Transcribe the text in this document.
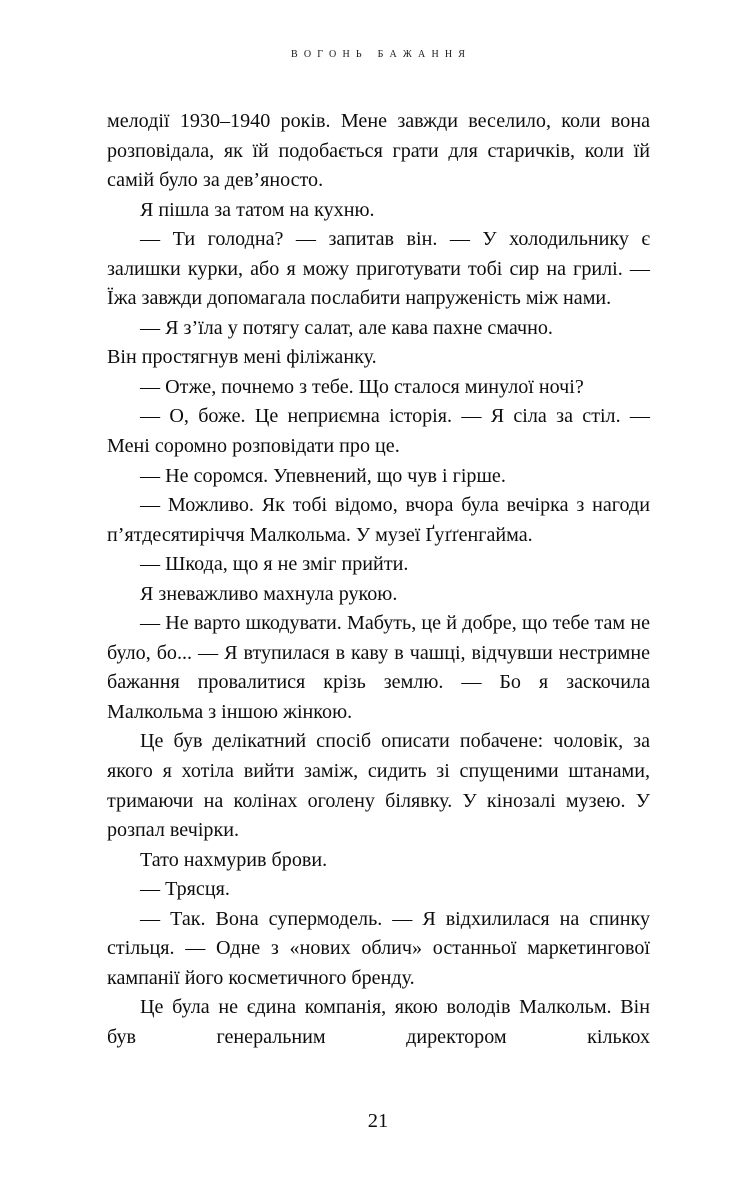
вогонь бажання

мелодії 1930–1940 років. Мене завжди веселило, коли вона розповідала, як їй подобається грати для старичків, коли їй самій було за дев’яносто.

Я пішла за татом на кухню.

— Ти голодна? — запитав він. — У холодильнику є залишки курки, або я можу приготувати тобі сир на грилі. — Їжа завжди допомагала послабити напруженість між нами.

— Я з’їла у потягу салат, але кава пахне смачно.

Він простягнув мені філіжанку.

— Отже, почнемо з тебе. Що сталося минулої ночі?

— О, боже. Це неприємна історія. — Я сіла за стіл. — Мені соромно розповідати про це.

— Не соромся. Упевнений, що чув і гірше.

— Можливо. Як тобі відомо, вчора була вечірка з нагоди п’ятдесятиріччя Малкольма. У музеї Ґуґґенгайма.

— Шкода, що я не зміг прийти.

Я зневажливо махнула рукою.

— Не варто шкодувати. Мабуть, це й добре, що тебе там не було, бо... — Я втупилася в каву в чашці, відчувши нестримне бажання провалитися крізь землю. — Бо я заскочила Малкольма з іншою жінкою.

Це був делікатний спосіб описати побачене: чоловік, за якого я хотіла вийти заміж, сидить зі спущеними штанами, тримаючи на колінах оголену білявку. У кінозалі музею. У розпал вечірки.

Тато нахмурив брови.

— Трясця.

— Так. Вона супермодель. — Я відхилилася на спинку стільця. — Одне з «нових облич» останньої маркетингової кампанії його косметичного бренду.

Це була не єдина компанія, якою володів Малкольм. Він був генеральним директором кількох

21
